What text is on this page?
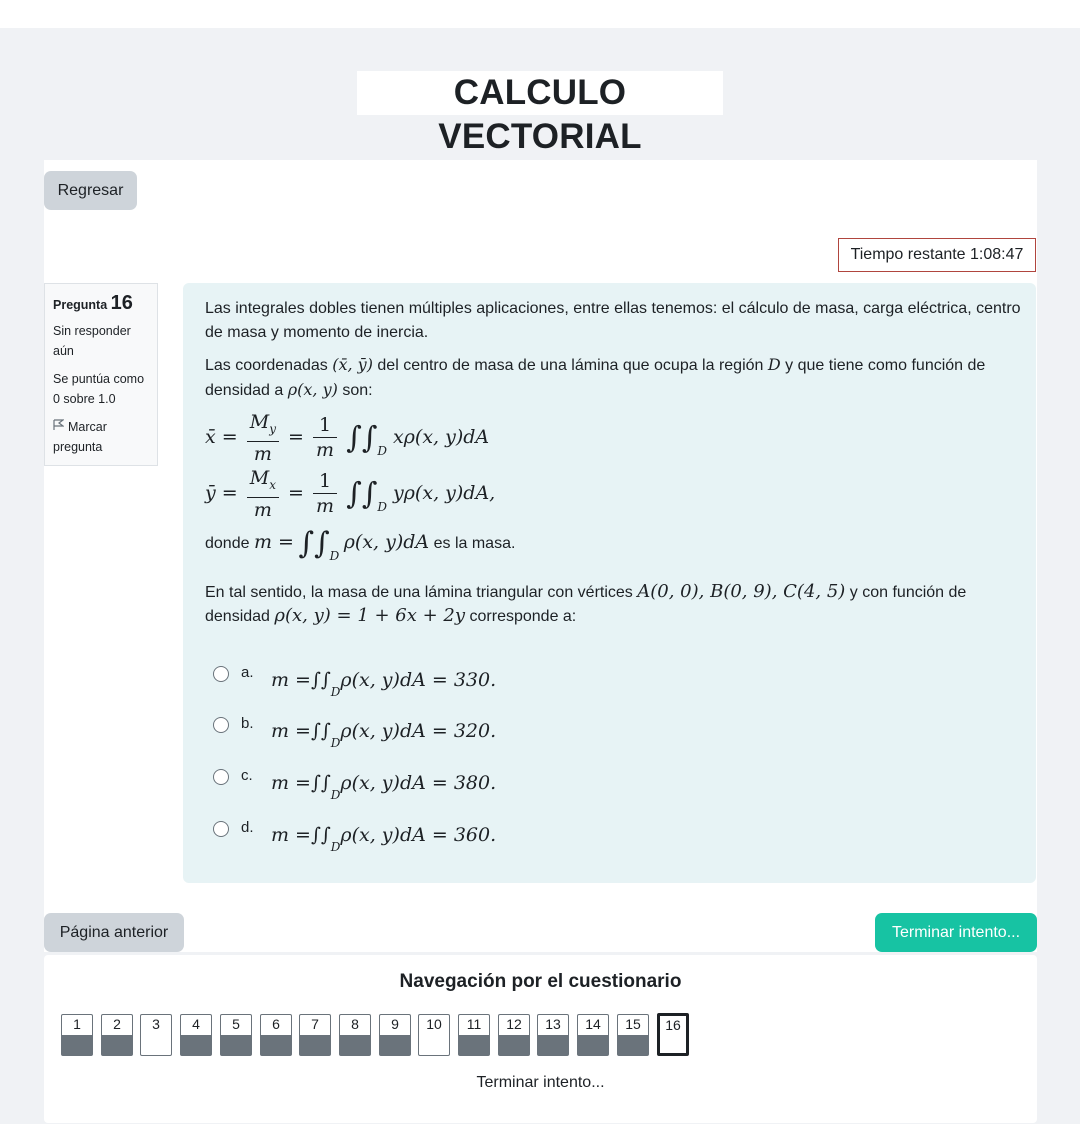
CALCULO VECTORIAL
Regresar
Tiempo restante
1:08:47
Pregunta 16
Sin responder aún
Se puntúa como 0 sobre 1.0
Marcar pregunta
Las integrales dobles tienen múltiples aplicaciones, entre ellas tenemos: el cálculo de masa, carga eléctrica, centro de masa y momento de inercia.
Las coordenadas (x̄, ȳ) del centro de masa de una lámina que ocupa la región D y que tiene como función de
densidad a ρ(x, y) son:
x̄ = $\frac{M_y}{m} = \frac{1}{m} \int\int_D$ xρ(x, y)dA
ȳ = $\frac{M_x}{m} = \frac{1}{m} \int\int_D$ yρ(x, y)dA,
donde $m = \int\int_D$ ρ(x, y)dA es la masa.
En tal sentido, la masa de una lámina triangular con vértices A(0, 0), B(0, 9), C(4, 5) y con función de
densidad ρ(x, y) = 1 + 6x + 2y corresponde a:
a. m = ∫∫
D
ρ(x, y)dA = 330.
b. m = ∫∫
D
ρ(x, y)dA = 320.
c. m = ∫∫
D
ρ(x, y)dA = 380.
d. m = ∫∫
D
ρ(x, y)dA = 360.
Página anterior	Terminar intento...
Navegación por el cuestionario
1	2	3	4	5	6	7	8	9	10	11	12	13	14	15	16
Terminar intento...
